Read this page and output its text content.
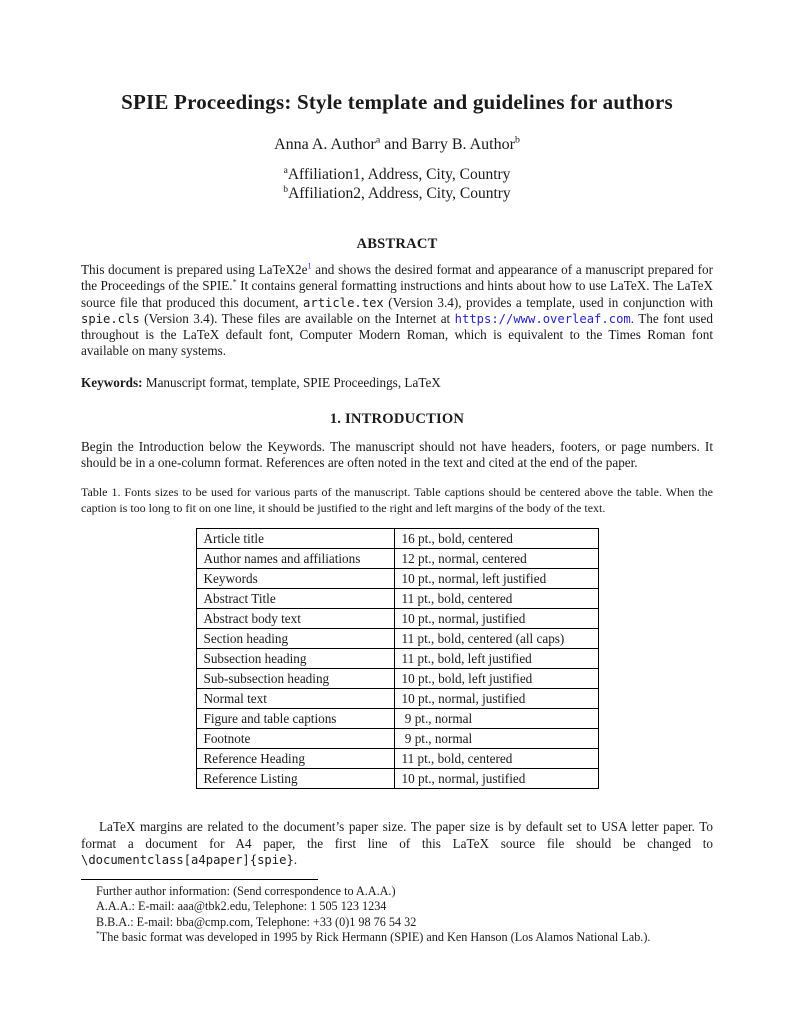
SPIE Proceedings: Style template and guidelines for authors
Anna A. Author$^a$ and Barry B. Author$^b$
$^a$Affiliation1, Address, City, Country
$^b$Affiliation2, Address, City, Country
ABSTRACT

This document is prepared using LaTeX2e$^1$ and shows the desired format and appearance of a manuscript prepared for the Proceedings of the SPIE.* It contains general formatting instructions and hints about how to use LaTeX. The LaTeX source file that produced this document, article.tex (Version 3.4), provides a template, used in conjunction with spie.cls (Version 3.4). These files are available on the Internet at https://www.overleaf.com. The font used throughout is the LaTeX default font, Computer Modern Roman, which is equivalent to the Times Roman font available on many systems.

Keywords: Manuscript format, template, SPIE Proceedings, LaTeX
1. INTRODUCTION

Begin the Introduction below the Keywords. The manuscript should not have headers, footers, or page numbers. It should be in a one-column format. References are often noted in the text and cited at the end of the paper.

Table 1. Fonts sizes to be used for various parts of the manuscript. Table captions should be centered above the table. When the caption is too long to fit on one line, it should be justified to the right and left margins of the body of the text.

Article title	16 pt., bold, centered
Author names and affiliations	12 pt., normal, centered
Keywords	10 pt., normal, left justified
Abstract Title	11 pt., bold, centered
Abstract body text	10 pt., normal, justified
Section heading	11 pt., bold, centered (all caps)
Subsection heading	11 pt., bold, left justified
Sub-subsection heading	10 pt., bold, left justified
Normal text	10 pt., normal, justified
Figure and table captions	9 pt., normal
Footnote	9 pt., normal
Reference Heading	11 pt., bold, centered
Reference Listing	10 pt., normal, justified

LaTeX margins are related to the document’s paper size. The paper size is by default set to USA letter paper. To format a document for A4 paper, the first line of this LaTeX source file should be changed to \documentclass[a4paper]{spie}.

Further author information: (Send correspondence to A.A.A.)
A.A.A.: E-mail: aaa@tbk2.edu, Telephone: 1 505 123 1234
B.B.A.: E-mail: bba@cmp.com, Telephone: +33 (0)1 98 76 54 32
*The basic format was developed in 1995 by Rick Hermann (SPIE) and Ken Hanson (Los Alamos National Lab.).
